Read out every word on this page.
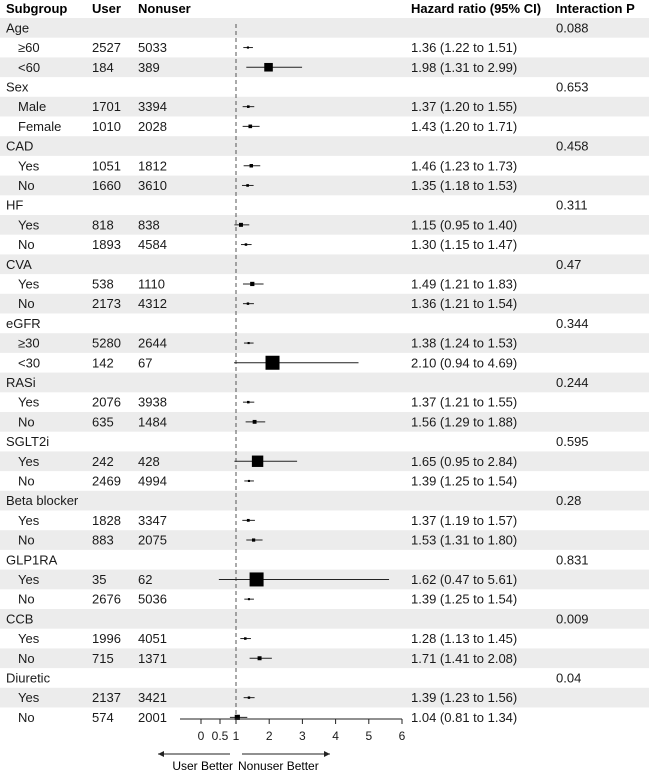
Subgroup User Nonuser	Hazard ratio (95% CI) Interaction P
Age	0.088
≥60	2527 5033	1.36 (1.22 to 1.51)
<60	184 389	1.98 (1.31 to 2.99)
Sex	0.653
Male	1701 3394	1.37 (1.20 to 1.55)
Female 1010 2028	1.43 (1.20 to 1.71)
CAD	0.458
Yes	1051 1812	1.46 (1.23 to 1.73)
No	1660 3610	1.35 (1.18 to 1.53)
HF	0.311
Yes	818 838	1.15 (0.95 to 1.40)
No	1893 4584	1.30 (1.15 to 1.47)
CVA	0.47
Yes	538 1110	1.49 (1.21 to 1.83)
No	2173 4312	1.36 (1.21 to 1.54)
eGFR	0.344
≥30	5280 2644	1.38 (1.24 to 1.53)
<30	142 67	2.10 (0.94 to 4.69)
RASi	0.244
Yes	2076 3938	1.37 (1.21 to 1.55)
No	635 1484	1.56 (1.29 to 1.88)
SGLT2i	0.595
Yes	242 428	1.65 (0.95 to 2.84)
No	2469 4994	1.39 (1.25 to 1.54)
Beta blocker	0.28
Yes	1828 3347	1.37 (1.19 to 1.57)
No	883 2075	1.53 (1.31 to 1.80)
GLP1RA	0.831
Yes	35 62	1.62 (0.47 to 5.61)
No	2676 5036	1.39 (1.25 to 1.54)
CCB	0.009
Yes	1996 4051	1.28 (1.13 to 1.45)
No	715 1371	1.71 (1.41 to 2.08)
Diuretic	0.04
Yes	2137 3421	1.39 (1.23 to 1.56)
No	574 2001	1.04 (0.81 to 1.34)
User Better Nonuser Better
0 0.5 1 2 3 4 5 6
